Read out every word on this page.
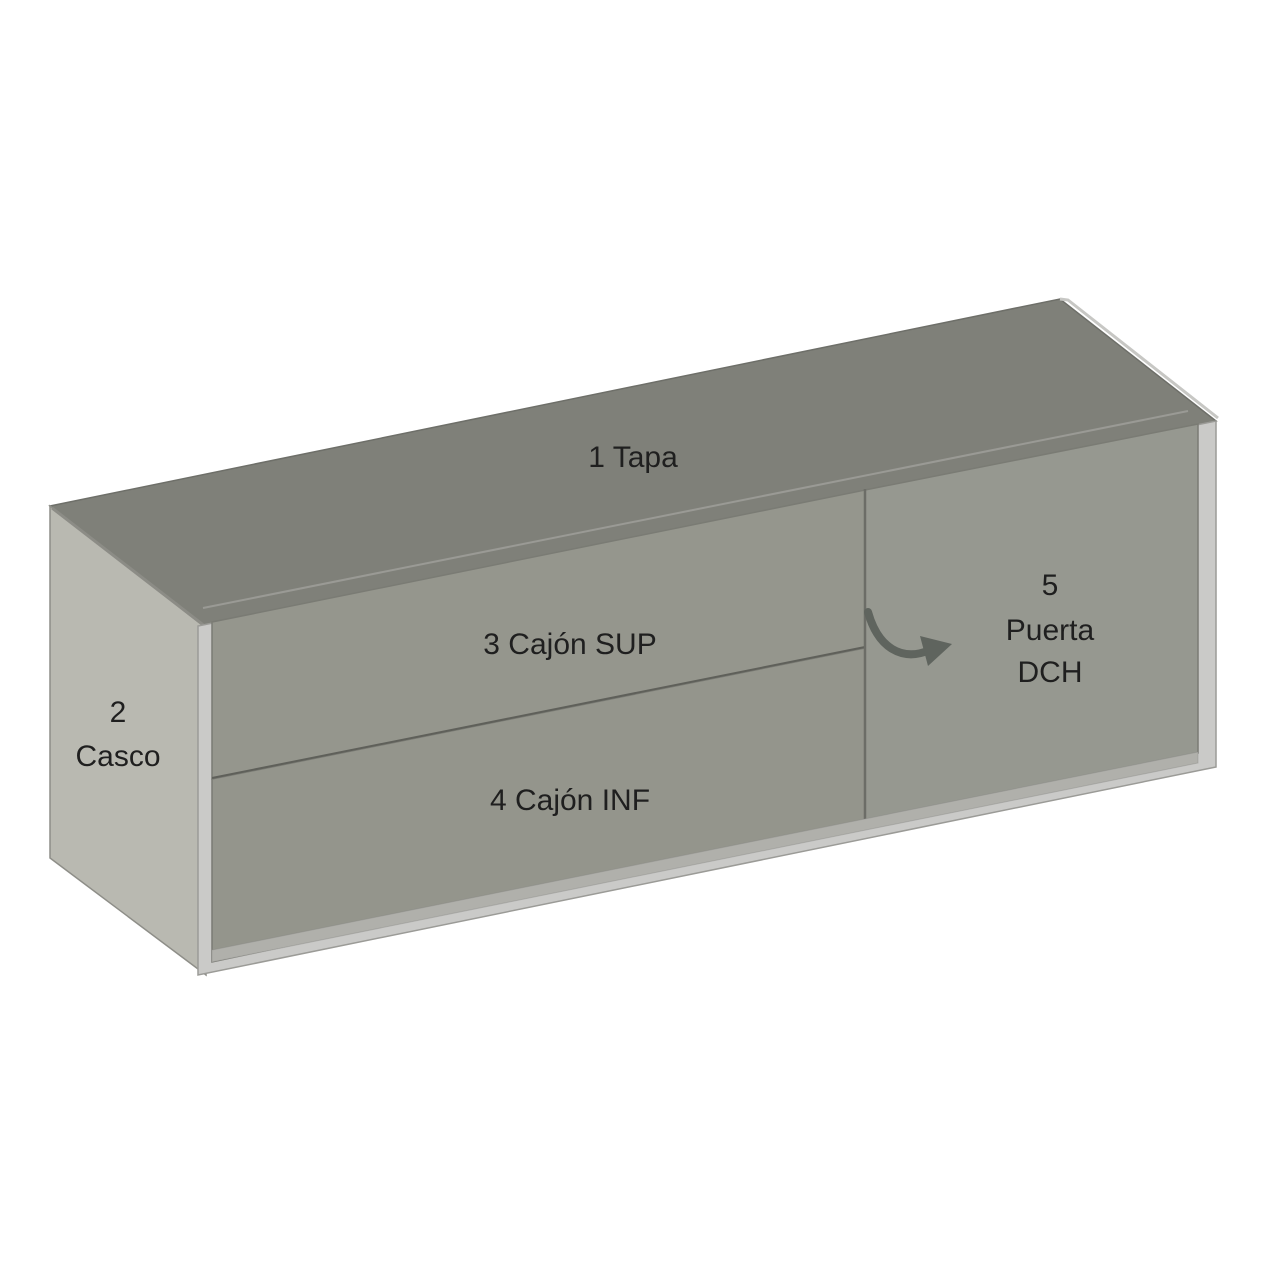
1 Tapa
2
Casco
3 Cajón SUP
4 Cajón INF
5
Puerta
DCH
